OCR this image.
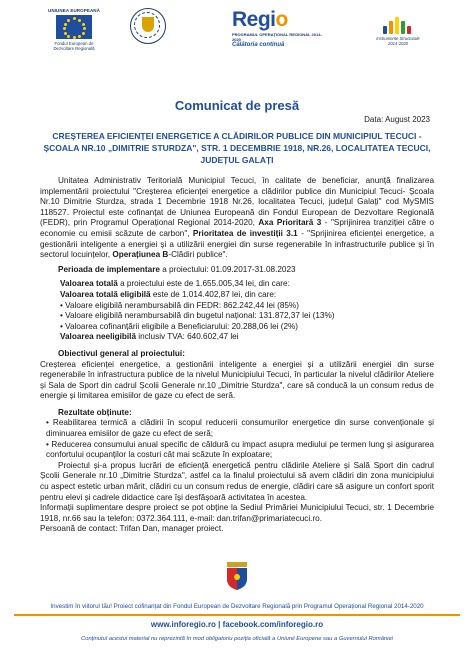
UNIUNEA EUROPEANĂ
Fondul European de
Dezvoltare Regională
Regio
PROGRAMUL OPERAȚIONAL REGIONAL 2014-2020
Călătoria continuă
Instrumente Structurale
2014-2020
Comunicat de presă
Data: August 2023
CREȘTEREA EFICIENȚEI ENERGETICE A CLĂDIRILOR PUBLICE DIN MUNICIPIUL TECUCI - ȘCOALA NR.10 „DIMITRIE STURDZA", STR. 1 DECEMBRIE 1918, NR.26, LOCALITATEA TECUCI, JUDEȚUL GALAȚI

Unitatea Administrativ Teritorială Municipiul Tecuci, în calitate de beneficiar, anunță finalizarea implementării proiectului "Creșterea eficienței energetice a clădirilor publice din Municipiul Tecuci- Școala Nr.10 Dimitrie Sturdza, strada 1 Decembrie 1918 Nr.26, localitatea Tecuci, județul Galați" cod MySMIS 118527. Proiectul este cofinanțat de Uniunea Europeană din Fondul European de Dezvoltare Regională (FEDR), prin Programul Operațional Regional 2014-2020, Axa Prioritară 3 - "Sprijinirea tranziției către o economie cu emisii scăzute de carbon", Prioritatea de investiții 3.1 - "Sprijinirea eficienței energetice, a gestionării inteligente a energiei și a utilizării energiei din surse regenerabile în infrastructurile publice și în sectorul locuințelor, Operațiunea B-Clădiri publice".

Perioada de implementare a proiectului: 01.09.2017-31.08.2023

Valoarea totală a proiectului este de 1.655.005,34 lei, din care:

Valoarea totală eligibilă este de 1.014.402,87 lei, din care:

• Valoare eligibilă nerambursabilă din FEDR: 862.242,44 lei (85%)

• Valoare eligibilă nerambursabilă din bugetul național: 131.872,37 lei (13%)

• Valoarea cofinanțării eligibile a Beneficiarului: 20.288,06 lei (2%)

Valoarea neeligibilă inclusiv TVA: 640.602,47 lei

Obiectivul general al proiectului:

Creșterea eficienței energetice, a gestionării inteligente a energiei și a utilizării energiei din surse regenerabile în infrastructura publice de la nivelul Municipiului Tecuci, în particular la nivelul clădirilor Ateliere și Sala de Sport din cadrul Școlii Generale nr.10 „Dimitrie Sturdza", care să conducă la un consum redus de energie și limitarea emisiilor de gaze cu efect de seră.

Rezultate obținute:

• Reabilitarea termică a clădirii în scopul reducerii consumurilor energetice din surse convenționale și diminuarea emisiilor de gaze cu efect de seră;

• Reducerea consumului anual specific de căldură cu impact asupra mediului pe termen lung și asigurarea confortului ocupanților la costuri cât mai scăzute în exploatare;

Proiectul și-a propus lucrări de eficiență energetică pentru clădirile Ateliere și Sală Sport din cadrul Școlii Generale nr.10 „Dimitrie Sturdza", astfel ca la finalul proiectului să avem clădiri din zona municipiului cu aspect estetic urban mărit, clădiri cu un consum redus de energie, clădiri care să asigure un confort sporit pentru elevi și cadrele didactice care își desfășoară activitatea în acestea.

Informații suplimentare despre proiect se pot obține la Sediul Primăriei Municipiului Tecuci, str. 1 Decembrie 1918, nr.66 sau la telefon: 0372.364.111, e-mail: dan.trifan@primariatecuci.ro.

Persoană de contact: Trifan Dan, manager proiect.

Investim în viitorul tău! Proiect cofinanțat din Fondul European de Dezvoltare Regională prin Programul Operațional Regional 2014-2020
www.inforegio.ro | facebook.com/inforegio.ro
Conținutul acestui material nu reprezintă în mod obligatoriu poziția oficială a Uniunii Europene sau a Guvernului României
